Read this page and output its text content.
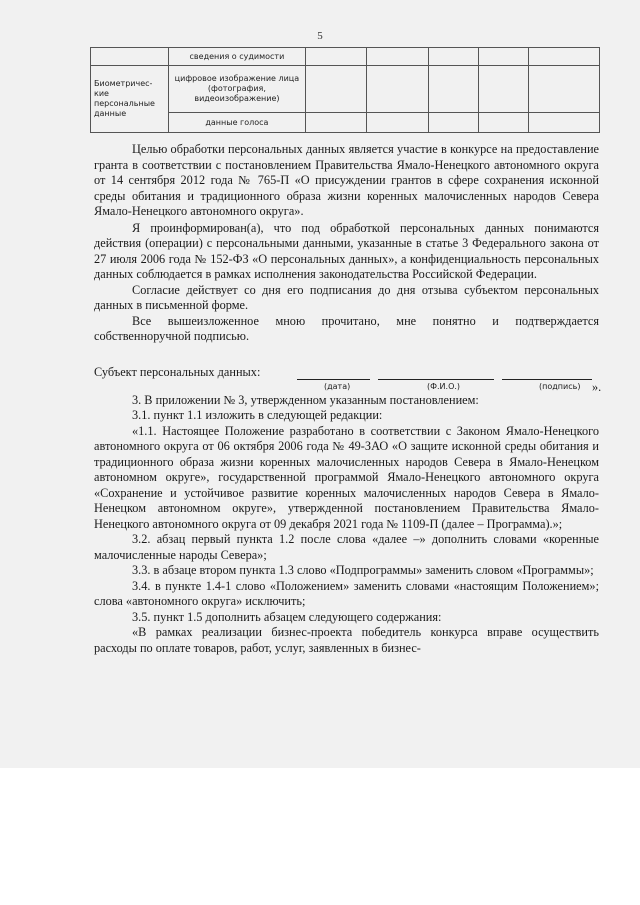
5
	сведения о судимости					
Биометричес-кие персональные данные	цифровое изображение лица (фотография, видеоизображение)					
	данные голоса					

Целью обработки персональных данных является участие в конкурсе на предоставление гранта в соответствии с постановлением Правительства Ямало-Ненецкого автономного округа от 14 сентября 2012 года № 765-П «О присуждении грантов в сфере сохранения исконной среды обитания и традиционного образа жизни коренных малочисленных народов Севера Ямало-Ненецкого автономного округа».

Я проинформирован(а), что под обработкой персональных данных понимаются действия (операции) с персональными данными, указанные в статье 3 Федерального закона от 27 июля 2006 года № 152-ФЗ «О персональных данных», а конфиденциальность персональных данных соблюдается в рамках исполнения законодательства Российской Федерации.

Согласие действует со дня его подписания до дня отзыва субъектом персональных данных в письменной форме.

Все вышеизложенное мною прочитано, мне понятно и подтверждается собственноручной подписью.

Субъект персональных данных:
(дата)	(Ф.И.О.)	(подпись) ».

3. В приложении № 3, утвержденном указанным постановлением:

3.1. пункт 1.1 изложить в следующей редакции:

«1.1. Настоящее Положение разработано в соответствии с Законом Ямало-Ненецкого автономного округа от 06 октября 2006 года № 49-ЗАО «О защите исконной среды обитания и традиционного образа жизни коренных малочисленных народов Севера в Ямало-Ненецком автономном округе», государственной программой Ямало-Ненецкого автономного округа «Сохранение и устойчивое развитие коренных малочисленных народов Севера в Ямало-Ненецком автономном округе», утвержденной постановлением Правительства Ямало-Ненецкого автономного округа от 09 декабря 2021 года № 1109-П (далее – Программа).»;

3.2. абзац первый пункта 1.2 после слова «далее –» дополнить словами «коренные малочисленные народы Севера»;

3.3. в абзаце втором пункта 1.3 слово «Подпрограммы» заменить словом «Программы»;

3.4. в пункте 1.4-1 слово «Положением» заменить словами «настоящим Положением»; слова «автономного округа» исключить;

3.5. пункт 1.5 дополнить абзацем следующего содержания:

«В рамках реализации бизнес-проекта победитель конкурса вправе осуществить расходы по оплате товаров, работ, услуг, заявленных в бизнес-
